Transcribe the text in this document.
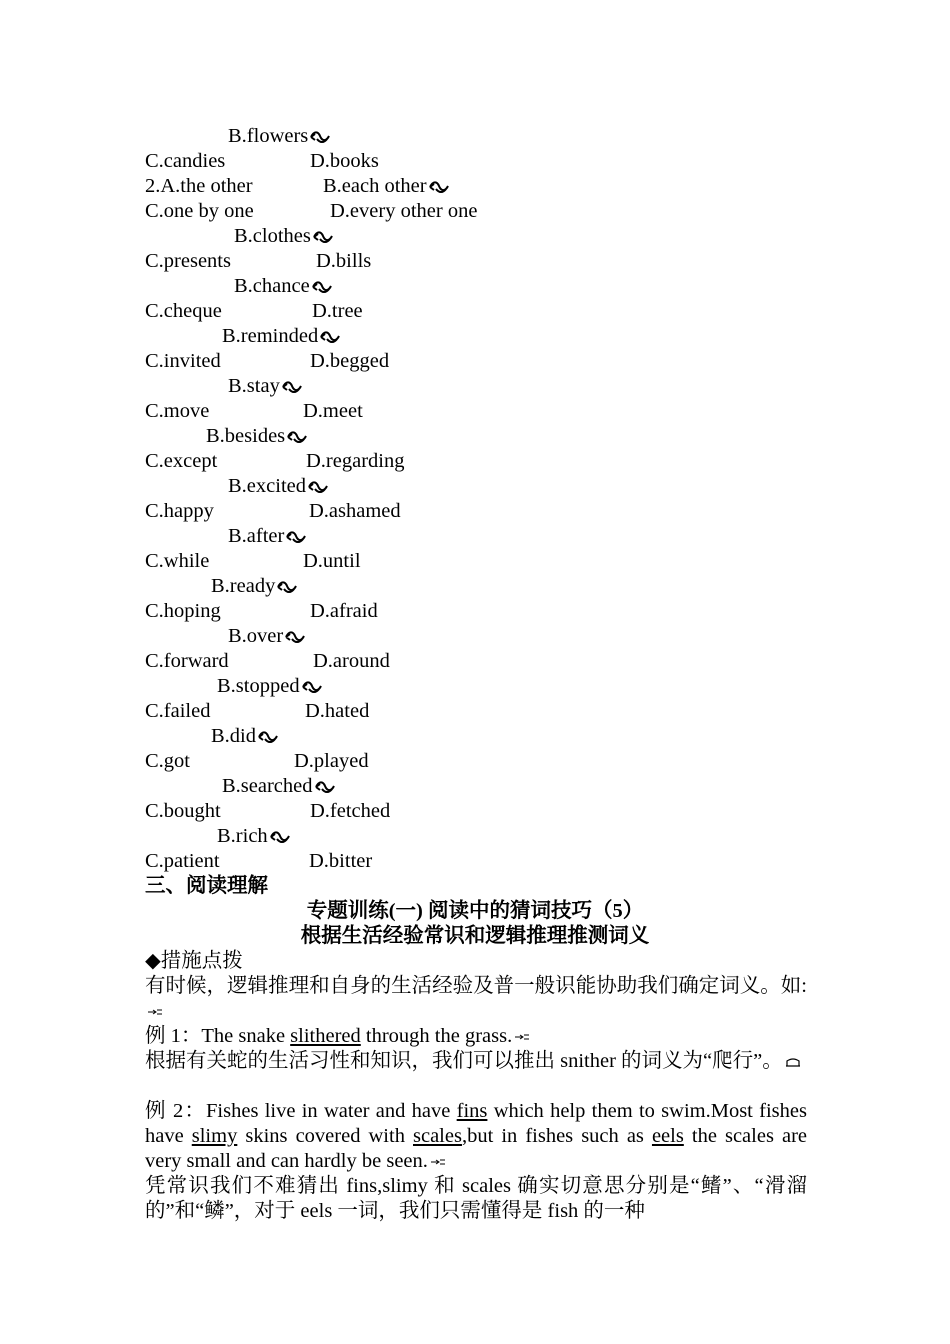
B.flowers
C.candies	D.books
2.A.the other	B.each other
C.one by one	D.every other one
B.clothes
C.presents	D.bills
B.chance
C.cheque	D.tree
B.reminded
C.invited	D.begged
B.stay
C.move	D.meet
B.besides
C.except	D.regarding
B.excited
C.happy	D.ashamed
B.after
C.while	D.until
B.ready
C.hoping	D.afraid
B.over
C.forward	D.around
B.stopped
C.failed	D.hated
B.did
C.got	D.played
B.searched
C.bought	D.fetched
B.rich
C.patient	D.bitter
三、阅读理解
专题训练(一) 阅读中的猜词技巧（5）
根据生活经验常识和逻辑推理推测词义
◆措施点拨
有时候，逻辑推理和自身的生活经验及普一般识能协助我们确定词义。如:
例 1：The snake slithered through the grass.
根据有关蛇的生活习性和知识，我们可以推出 snither 的词义为“爬行”。
例 2：Fishes live in water and have fins which help them to swim.Most fishes have slimy skins covered with scales,but in fishes such as eels the scales are very small and can hardly be seen.
凭常识我们不难猜出 fins,slimy 和 scales 确实切意思分别是“鳍”、“滑溜的”和“鳞”，对于 eels 一词，我们只需懂得是 fish 的一种
